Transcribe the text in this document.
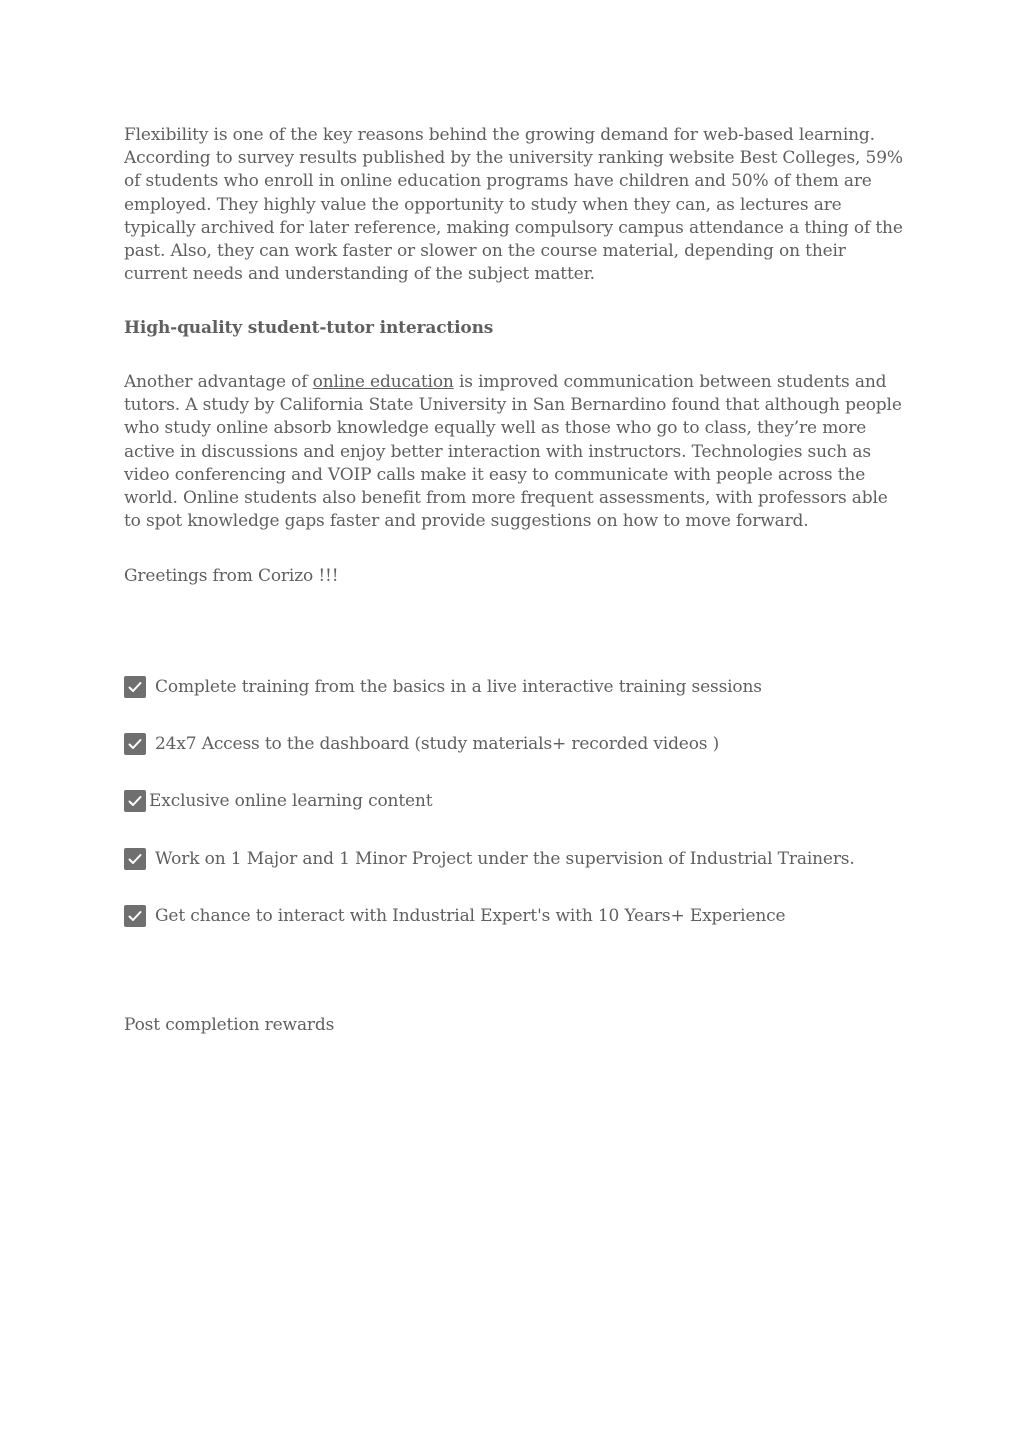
Flexibility is one of the key reasons behind the growing demand for web-based learning. According to survey results published by the university ranking website Best Colleges, 59% of students who enroll in online education programs have children and 50% of them are employed. They highly value the opportunity to study when they can, as lectures are typically archived for later reference, making compulsory campus attendance a thing of the past. Also, they can work faster or slower on the course material, depending on their current needs and understanding of the subject matter.

High-quality student-tutor interactions

Another advantage of online education is improved communication between students and tutors. A study by California State University in San Bernardino found that although people who study online absorb knowledge equally well as those who go to class, they’re more active in discussions and enjoy better interaction with instructors. Technologies such as video conferencing and VOIP calls make it easy to communicate with people across the world. Online students also benefit from more frequent assessments, with professors able to spot knowledge gaps faster and provide suggestions on how to move forward.

Greetings from Corizo !!!

Complete training from the basics in a live interactive training sessions
24x7 Access to the dashboard (study materials+ recorded videos )
Exclusive online learning content
Work on 1 Major and 1 Minor Project under the supervision of Industrial Trainers.
Get chance to interact with Industrial Expert's with 10 Years+ Experience

Post completion rewards
